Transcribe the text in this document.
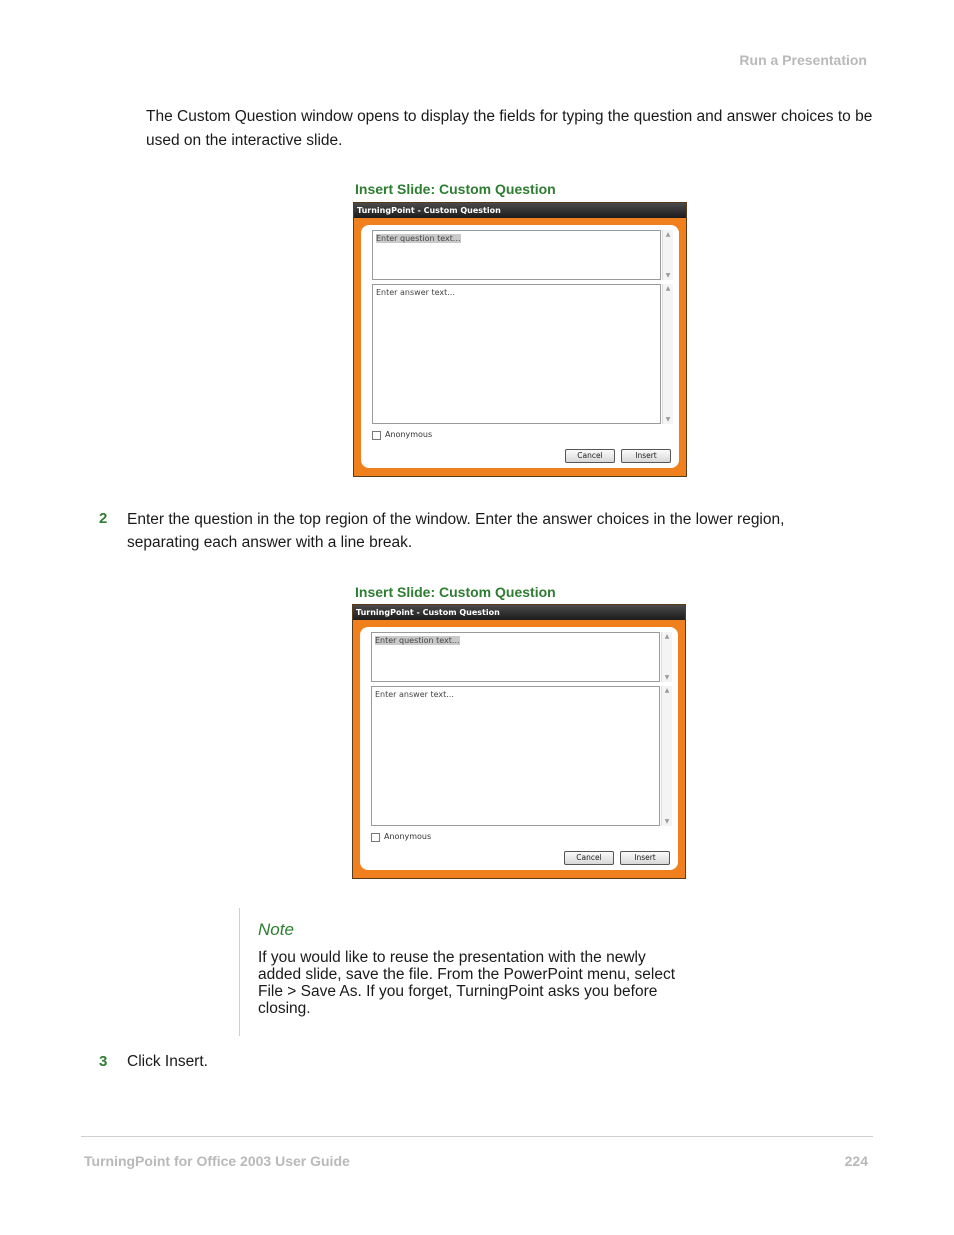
Run a Presentation
The Custom Question window opens to display the fields for typing the question and answer choices to be used on the interactive slide.
Insert Slide: Custom Question
TurningPoint - Custom Question
Enter question text...	▲
▼
Enter answer text...	▲
▼
Anonymous
Cancel	Insert
2 Enter the question in the top region of the window. Enter the answer choices in the lower region, separating each answer with a line break.
Insert Slide: Custom Question
TurningPoint - Custom Question
Enter question text...	▲
▼
Enter answer text...	▲
▼
Anonymous
Cancel	Insert
Note
If you would like to reuse the presentation with the newly added slide, save the file. From the PowerPoint menu, select File > Save As. If you forget, TurningPoint asks you before closing.
3 Click Insert.
TurningPoint for Office 2003 User Guide	224
